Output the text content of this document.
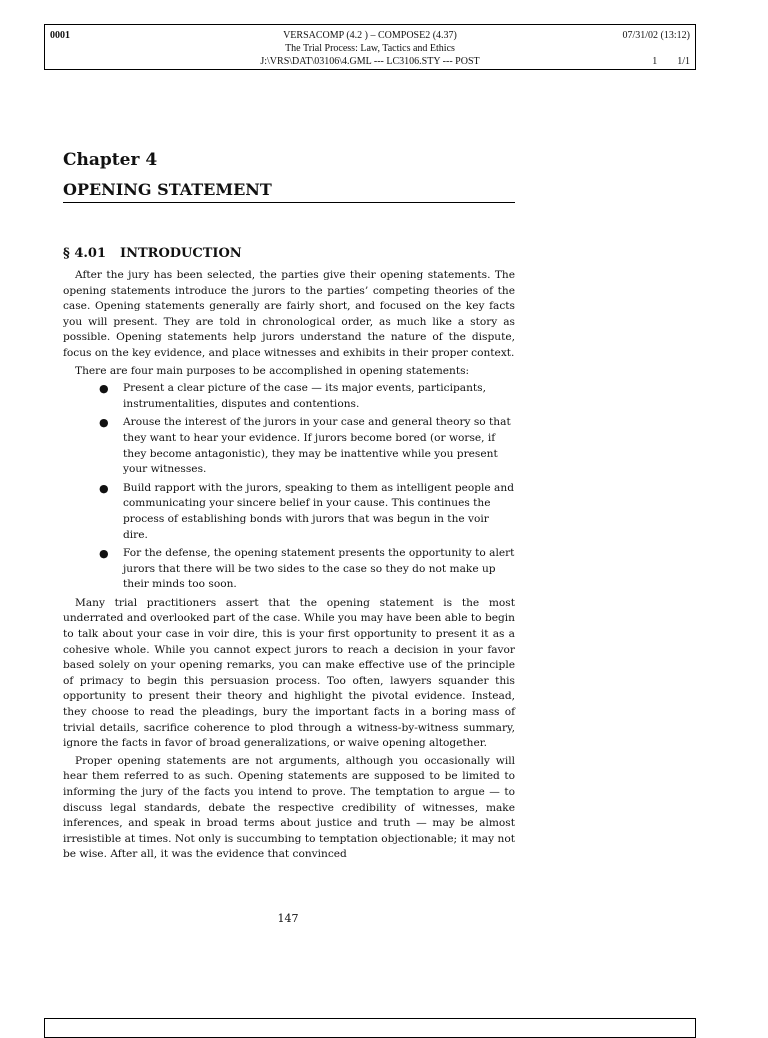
0001	VERSACOMP (4.2 ) – COMPOSE2 (4.37)
The Trial Process: Law, Tactics and Ethics
J:\VRS\DAT\03106\4.GML --- LC3106.STY --- POST
07/31/02 (13:12)
1 1/1
Chapter 4
OPENING STATEMENT
§ 4.01 INTRODUCTION

After the jury has been selected, the parties give their opening statements. The opening statements introduce the jurors to the parties’ competing theories of the case. Opening statements generally are fairly short, and focused on the key facts you will present. They are told in chronological order, as much like a story as possible. Opening statements help jurors understand the nature of the dispute, focus on the key evidence, and place witnesses and exhibits in their proper context.

There are four main purposes to be accomplished in opening statements:

● Present a clear picture of the case — its major events, participants, instrumentalities, disputes and contentions.
● Arouse the interest of the jurors in your case and general theory so that they want to hear your evidence. If jurors become bored (or worse, if they become antagonistic), they may be inattentive while you present your witnesses.
● Build rapport with the jurors, speaking to them as intelligent people and communicating your sincere belief in your cause. This continues the process of establishing bonds with jurors that was begun in the voir dire.
● For the defense, the opening statement presents the opportunity to alert jurors that there will be two sides to the case so they do not make up their minds too soon.

Many trial practitioners assert that the opening statement is the most underrated and overlooked part of the case. While you may have been able to begin to talk about your case in voir dire, this is your first opportunity to present it as a cohesive whole. While you cannot expect jurors to reach a decision in your favor based solely on your opening remarks, you can make effective use of the principle of primacy to begin this persuasion process. Too often, lawyers squander this opportunity to present their theory and highlight the pivotal evidence. Instead, they choose to read the pleadings, bury the important facts in a boring mass of trivial details, sacrifice coherence to plod through a witness-by-witness summary, ignore the facts in favor of broad generalizations, or waive opening altogether.

Proper opening statements are not arguments, although you occasionally will hear them referred to as such. Opening statements are supposed to be limited to informing the jury of the facts you intend to prove. The temptation to argue — to discuss legal standards, debate the respective credibility of witnesses, make inferences, and speak in broad terms about justice and truth — may be almost irresistible at times. Not only is succumbing to temptation objectionable; it may not be wise. After all, it was the evidence that convinced

147
